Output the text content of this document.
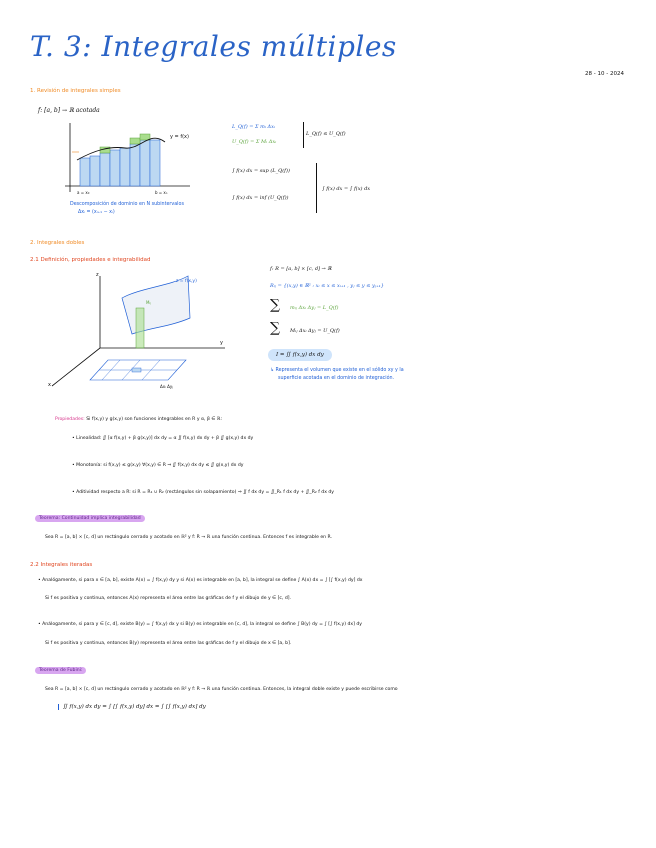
T. 3: Integrales múltiples
28 - 10 - 2024
1. Revisión de integrales simples
f: [a, b] → ℝ acotada
y = f(x)
a = x₀	b = xₙ
Descomposición de dominio en N subintervalos
Δxᵢ = (xᵢ₊₁ − xᵢ)
L_Q(f) = Σ mᵢ Δxᵢ
U_Q(f) = Σ Mᵢ Δxᵢ
L_Q(f) ≤ U_Q(f)
∫ f(x) dx = sup (L_Q(f))
∫ f(x) dx = inf (U_Q(f))
∫ f(x) dx = ∫ f(x) dx
2. Integrales dobles
2.1 Definición, propiedades e integrabilidad
z
y
x
z = f(x,y)
Mᵢⱼ
Δxᵢ Δyⱼ
f: R = [a, b] × [c, d] → ℝ
Rᵢⱼ = {(x,y) ∈ ℝ² : xᵢ ≤ x ≤ xᵢ₊₁ , yⱼ ≤ y ≤ yⱼ₊₁}
∑ mᵢⱼ Δxᵢ Δyⱼ = L_Q(f)
∑ Mᵢⱼ Δxᵢ Δyⱼ = U_Q(f)
I = ∬ f(x,y) dx dy
↳ Representa el volumen que existe en el sólido xy y la
superficie acotada en el dominio de integración.
Propiedades: Si f(x,y) y g(x,y) son funciones integrables en R y α, β ∈ ℝ:
• Linealidad: ∬ [α f(x,y) + β g(x,y)] dx dy = α ∬ f(x,y) dx dy + β ∬ g(x,y) dx dy
• Monotonía: si f(x,y) ≤ g(x,y) ∀(x,y) ∈ R ⇒ ∬ f(x,y) dx dy ≤ ∬ g(x,y) dx dy
• Aditividad respecto a R: si R = R₁ ∪ R₂ (rectángulos sin solapamiento) ⇒ ∬ f dx dy = ∬_R₁ f dx dy + ∬_R₂ f dx dy
Teorema: Continuidad implica integrabilidad
Sea R = [a, b] × [c, d] un rectángulo cerrado y acotado en ℝ² y f: R → ℝ una función continua. Entonces f es integrable en R.
2.2 Integrales iteradas
• Analógamente, si para x ∈ [a, b], existe A(x) = ∫ f(x,y) dy y si A(x) es integrable en [a, b], la integral se define ∫ A(x) dx = ∫ [∫ f(x,y) dy] dx
Si f es positiva y continua, entonces A(x) representa el área entre las gráficas de f y el dibujo de y ∈ [c, d].
• Análogamente, si para y ∈ [c, d], existe B(y) = ∫ f(x,y) dx y si B(y) es integrable en [c, d], la integral se define ∫ B(y) dy = ∫ [∫ f(x,y) dx] dy
Si f es positiva y continua, entonces B(y) representa el área entre las gráficas de f y el dibujo de x ∈ [a, b].
Teorema de Fubini:
Sea R = [a, b] × [c, d] un rectángulo cerrado y acotado en ℝ² y f: R → ℝ una función continua. Entonces, la integral doble existe y puede escribirse como
∬ f(x,y) dx dy = ∫ [∫ f(x,y) dy] dx = ∫ [∫ f(x,y) dx] dy
